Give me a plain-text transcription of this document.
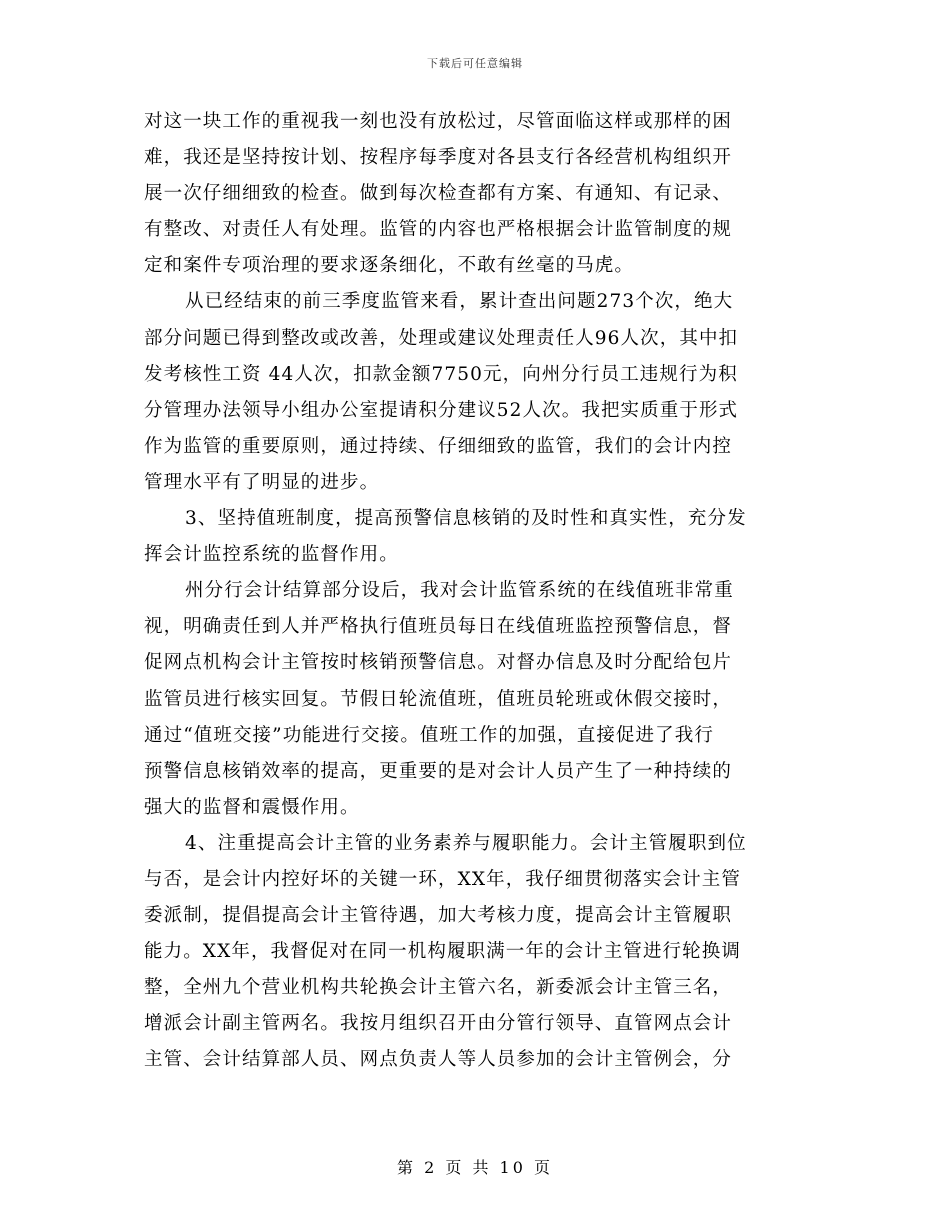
下载后可任意编辑
对这一块工作的重视我一刻也没有放松过，尽管面临这样或那样的困
难，我还是坚持按计划、按程序每季度对各县支行各经营机构组织开
展一次仔细细致的检查。做到每次检查都有方案、有通知、有记录、
有整改、对责任人有处理。监管的内容也严格根据会计监管制度的规
定和案件专项治理的要求逐条细化，不敢有丝毫的马虎。
从已经结束的前三季度监管来看，累计查出问题273个次，绝大
部分问题已得到整改或改善，处理或建议处理责任人96人次，其中扣
发考核性工资 44人次，扣款金额7750元，向州分行员工违规行为积
分管理办法领导小组办公室提请积分建议52人次。我把实质重于形式
作为监管的重要原则，通过持续、仔细细致的监管，我们的会计内控
管理水平有了明显的进步。
3、坚持值班制度，提高预警信息核销的及时性和真实性，充分发
挥会计监控系统的监督作用。
州分行会计结算部分设后，我对会计监管系统的在线值班非常重
视，明确责任到人并严格执行值班员每日在线值班监控预警信息，督
促网点机构会计主管按时核销预警信息。对督办信息及时分配给包片
监管员进行核实回复。节假日轮流值班，值班员轮班或休假交接时，
通过“值班交接”功能进行交接。值班工作的加强，直接促进了我行
预警信息核销效率的提高，更重要的是对会计人员产生了一种持续的
强大的监督和震慑作用。
4、注重提高会计主管的业务素养与履职能力。会计主管履职到位
与否，是会计内控好坏的关键一环，XX年，我仔细贯彻落实会计主管
委派制，提倡提高会计主管待遇，加大考核力度，提高会计主管履职
能力。XX年，我督促对在同一机构履职满一年的会计主管进行轮换调
整，全州九个营业机构共轮换会计主管六名，新委派会计主管三名，
增派会计副主管两名。我按月组织召开由分管行领导、直管网点会计
主管、会计结算部人员、网点负责人等人员参加的会计主管例会，分
第 2 页 共 10 页
